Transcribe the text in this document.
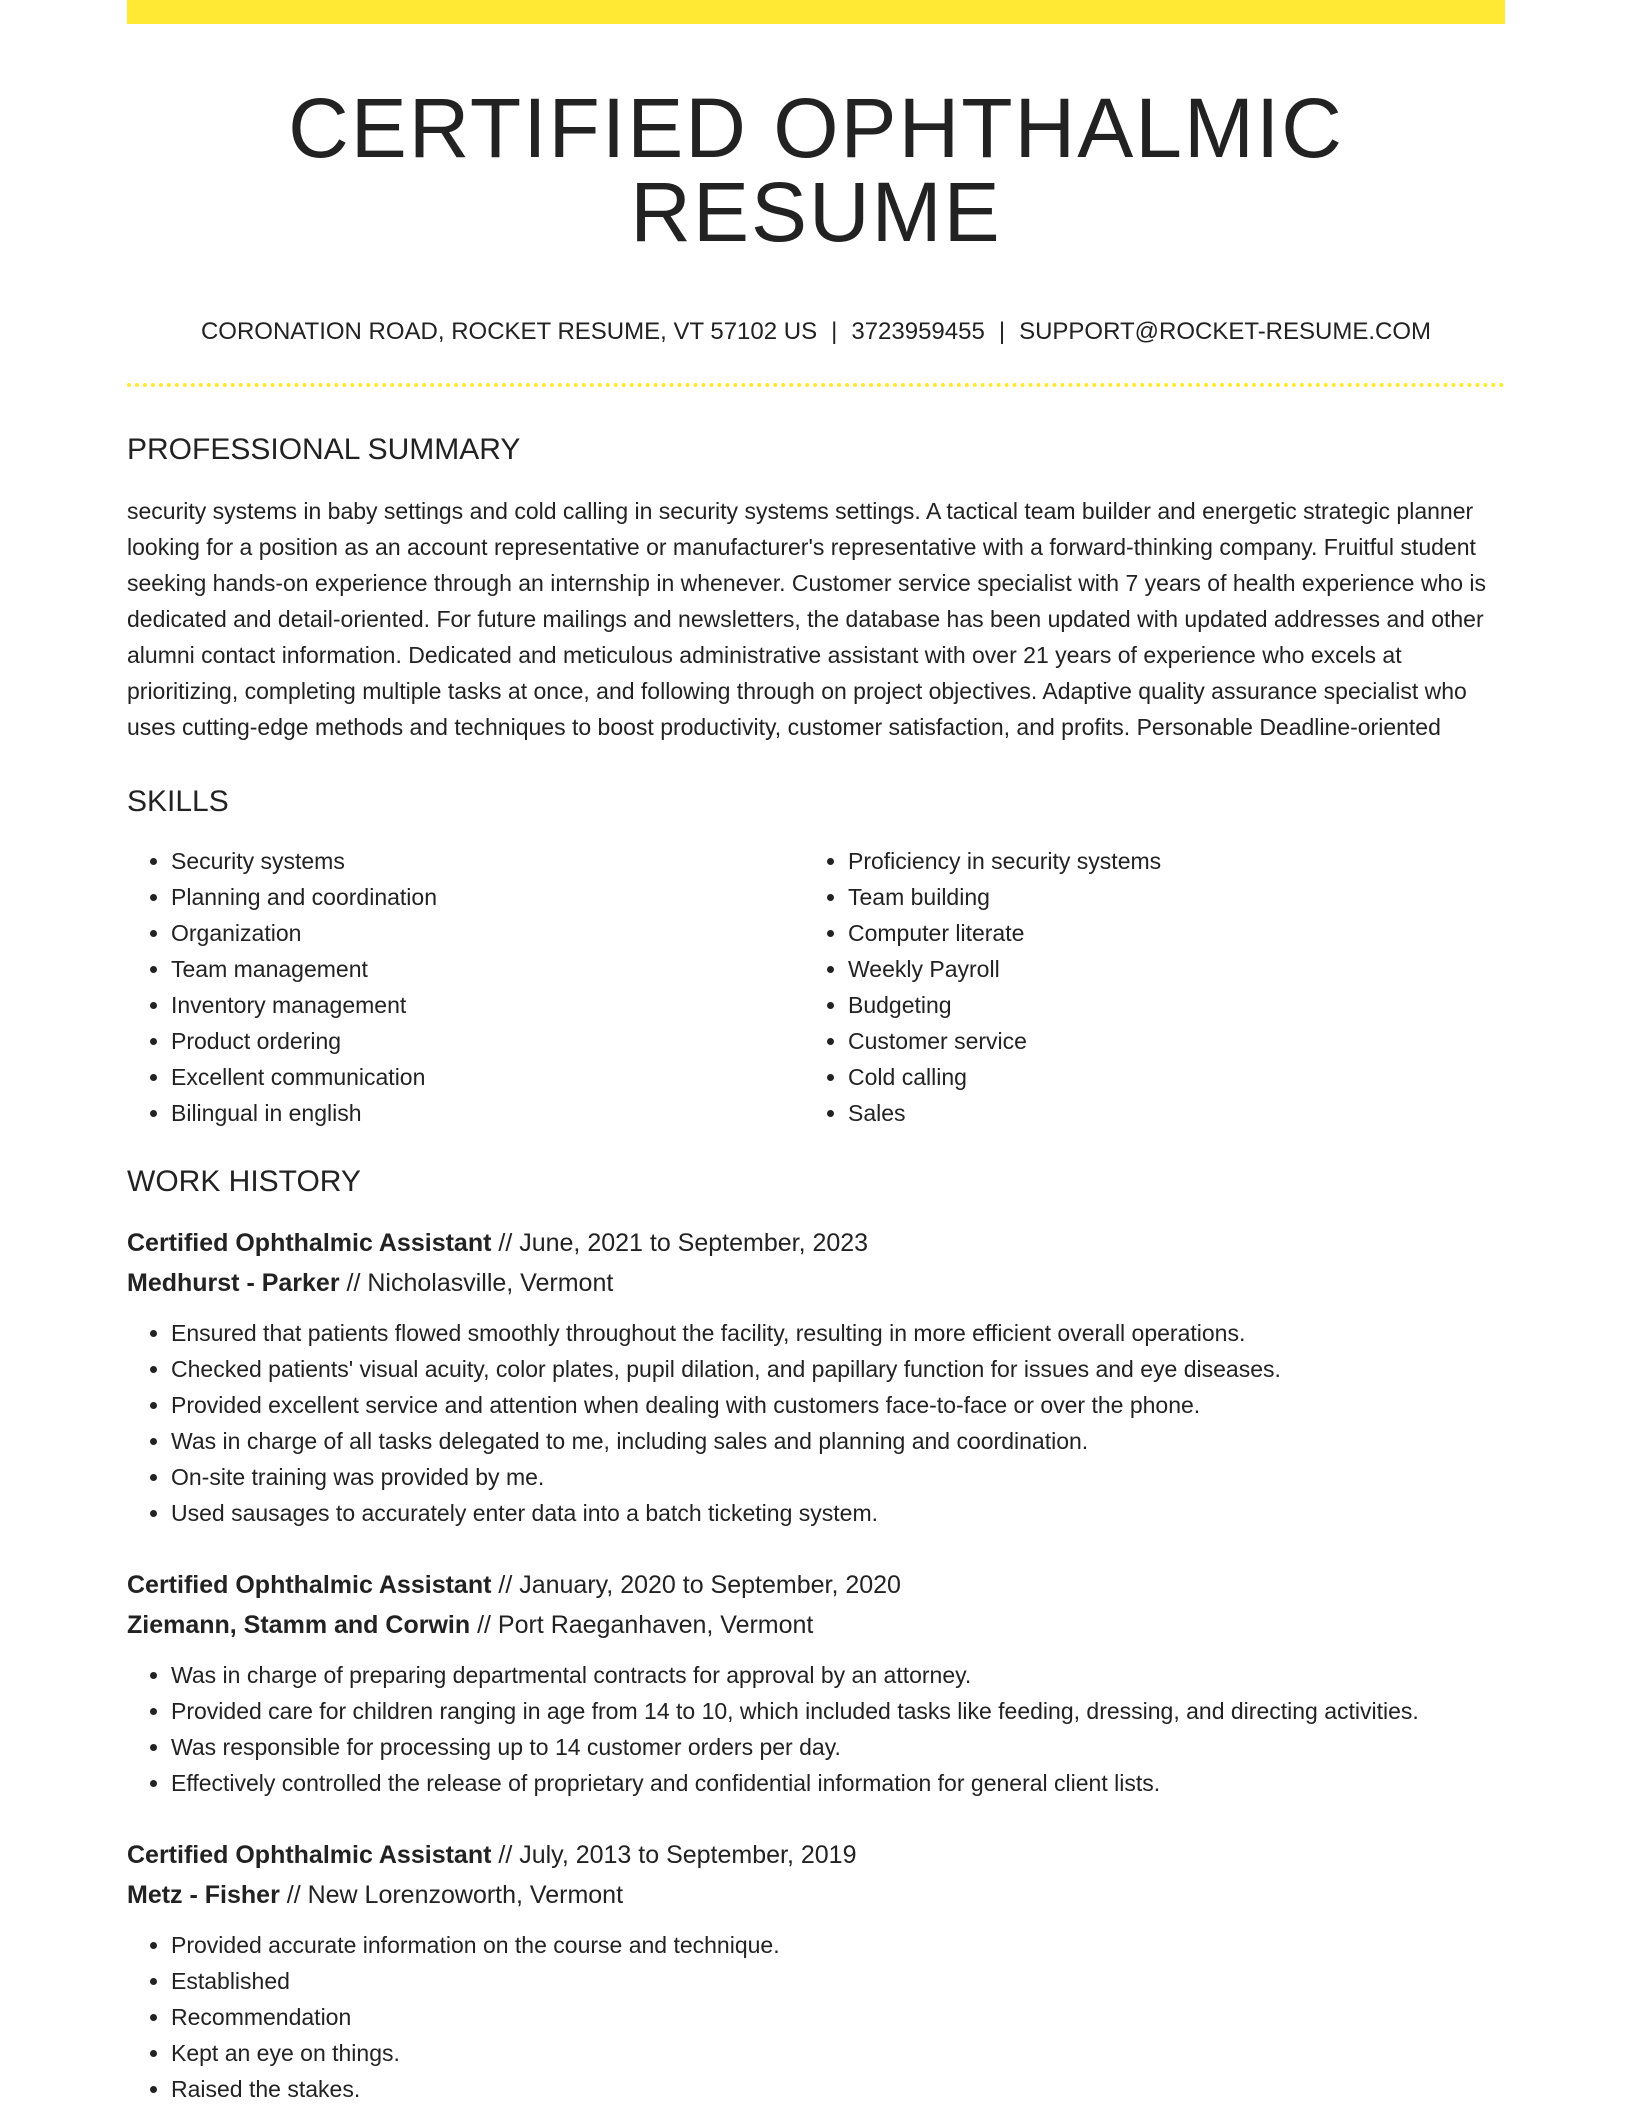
CERTIFIED OPHTHALMIC RESUME
CORONATION ROAD, ROCKET RESUME, VT 57102 US | 3723959455 | SUPPORT@ROCKET-RESUME.COM
PROFESSIONAL SUMMARY

security systems in baby settings and cold calling in security systems settings. A tactical team builder and energetic strategic planner looking for a position as an account representative or manufacturer's representative with a forward-thinking company. Fruitful student seeking hands-on experience through an internship in whenever. Customer service specialist with 7 years of health experience who is dedicated and detail-oriented. For future mailings and newsletters, the database has been updated with updated addresses and other alumni contact information. Dedicated and meticulous administrative assistant with over 21 years of experience who excels at prioritizing, completing multiple tasks at once, and following through on project objectives. Adaptive quality assurance specialist who uses cutting-edge methods and techniques to boost productivity, customer satisfaction, and profits. Personable Deadline-oriented

SKILLS
• Security systems
• Planning and coordination
• Organization
• Team management
• Inventory management
• Product ordering
• Excellent communication
• Bilingual in english
• Proficiency in security systems
• Team building
• Computer literate
• Weekly Payroll
• Budgeting
• Customer service
• Cold calling
• Sales
WORK HISTORY
Certified Ophthalmic Assistant // June, 2021 to September, 2023
Medhurst - Parker // Nicholasville, Vermont
• Ensured that patients flowed smoothly throughout the facility, resulting in more efficient overall operations.
• Checked patients' visual acuity, color plates, pupil dilation, and papillary function for issues and eye diseases.
• Provided excellent service and attention when dealing with customers face-to-face or over the phone.
• Was in charge of all tasks delegated to me, including sales and planning and coordination.
• On-site training was provided by me.
• Used sausages to accurately enter data into a batch ticketing system.
Certified Ophthalmic Assistant // January, 2020 to September, 2020
Ziemann, Stamm and Corwin // Port Raeganhaven, Vermont
• Was in charge of preparing departmental contracts for approval by an attorney.
• Provided care for children ranging in age from 14 to 10, which included tasks like feeding, dressing, and directing activities.
• Was responsible for processing up to 14 customer orders per day.
• Effectively controlled the release of proprietary and confidential information for general client lists.
Certified Ophthalmic Assistant // July, 2013 to September, 2019
Metz - Fisher // New Lorenzoworth, Vermont
• Provided accurate information on the course and technique.
• Established
• Recommendation
• Kept an eye on things.
• Raised the stakes.
